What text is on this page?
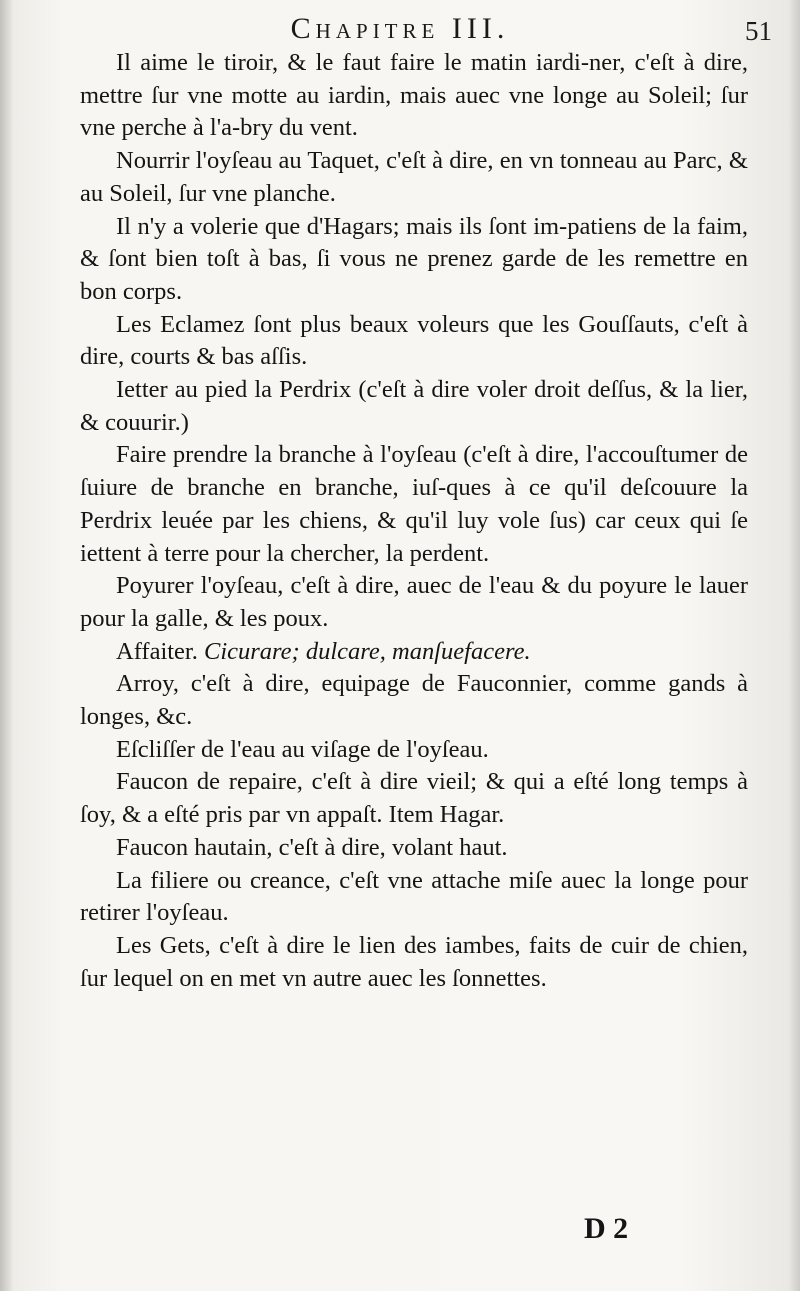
Chapitre III.	51

Il aime le tiroir, & le faut faire le matin iardi-ner, c'eſt à dire, mettre ſur vne motte au iardin, mais auec vne longe au Soleil; ſur vne perche à l'a-bry du vent.

Nourrir l'oyſeau au Taquet, c'eſt à dire, en vn tonneau au Parc, & au Soleil, ſur vne planche.

Il n'y a volerie que d'Hagars; mais ils ſont im-patiens de la faim, & ſont bien toſt à bas, ſi vous ne prenez garde de les remettre en bon corps.

Les Eclamez ſont plus beaux voleurs que les Gouſſauts, c'eſt à dire, courts & bas aſſis.

Ietter au pied la Perdrix (c'eſt à dire voler droit deſſus, & la lier, & couurir.)

Faire prendre la branche à l'oyſeau (c'eſt à dire, l'accouſtumer de ſuiure de branche en branche, iuſ-ques à ce qu'il deſcouure la Perdrix leuée par les chiens, & qu'il luy vole ſus) car ceux qui ſe iettent à terre pour la chercher, la perdent.

Poyurer l'oyſeau, c'eſt à dire, auec de l'eau & du poyure le lauer pour la galle, & les poux.

Affaiter. Cicurare; dulcare, manſuefacere.

Arroy, c'eſt à dire, equipage de Fauconnier, comme gands à longes, &c.

Eſcliſſer de l'eau au viſage de l'oyſeau.

Faucon de repaire, c'eſt à dire vieil; & qui a eſté long temps à ſoy, & a eſté pris par vn appaſt. Item Hagar.

Faucon hautain, c'eſt à dire, volant haut.

La filiere ou creance, c'eſt vne attache miſe auec la longe pour retirer l'oyſeau.

Les Gets, c'eſt à dire le lien des iambes, faits de cuir de chien, ſur lequel on en met vn autre auec les ſonnettes.

D 2
